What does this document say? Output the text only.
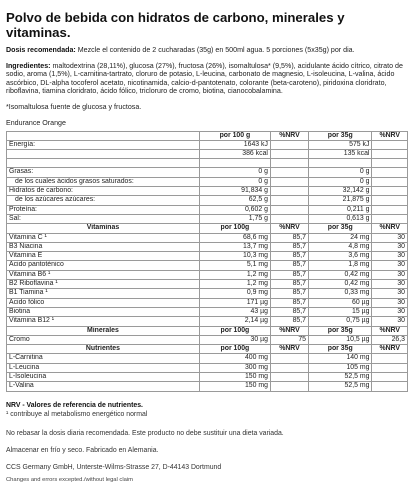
Polvo de bebida con hidratos de carbono, minerales y vitaminas.

Dosis recomendada: Mezcle el contenido de 2 cucharadas (35g) en 500ml agua. 5 porciones (5x35g) por dia.

Ingredientes: maltodextrina (28,11%), glucosa (27%), fructosa (26%), isomaltulosa* (9,5%), acidulante ácido cítrico, citrato de sodio, aroma (1,5%), L-carnitina-tartrato, cloruro de potasio, L-leucina, carbonato de magnesio, L-isoleucina, L-valina, ácido ascórbico, DL-alpha tocoferol acetato, nicotinamida, calcio-d-pantotenato, colorante (beta-caroteno), piridoxina cloridrato, riboflavina, tiamina cloridrato, ácido fólico, tricloruro de cromo, biotina, cianocobalamina.

*Isomaltulosa fuente de glucosa y fructosa.

Endurance Orange
	por 100 g	%NRV	por 35g	%NRV
Energía:	1643 kJ		575 kJ	
	386 kcal		135 kcal	

Grasas:	0 g		0 g	
de los cuales ácidos grasos saturados:	0 g		0 g	
Hidratos de carbono:	91,834 g		32,142 g	
de los azúcares azúcares:	62,5 g		21,875 g	
Proteína:	0,602 g		0,211 g	
Sal:	1,75 g		0,613 g	
Vitaminas	por 100g	%NRV	por 35g	%NRV
Vitamina C ¹	68,6 mg	85,7	24 mg	30
B3 Niacina	13,7 mg	85,7	4,8 mg	30
Vitamina E	10,3 mg	85,7	3,6 mg	30
Ácido pantoténico	5,1 mg	85,7	1,8 mg	30
Vitamina B6 ¹	1,2 mg	85,7	0,42 mg	30
B2 Riboflavina ¹	1,2 mg	85,7	0,42 mg	30
B1 Tiamina ¹	0,9 mg	85,7	0,33 mg	30
Ácido fólico	171 µg	85,7	60 µg	30
Biotina	43 µg	85,7	15 µg	30
Vitamina B12 ¹	2,14 µg	85,7	0,75 µg	30
Minerales	por 100g	%NRV	por 35g	%NRV
Cromo	30 µg	75	10,5 µg	26,3
Nutrientes	por 100g	%NRV	por 35g	%NRV
L-Carnitina	400 mg		140 mg	
L-Leucina	300 mg		105 mg	
L-Isoleucina	150 mg		52,5 mg	
L-Valina	150 mg		52,5 mg	
NRV - Valores de referencia de nutrientes.
¹ contribuye al metabolismo energético normal
No rebasar la dosis diaria recomendada. Este producto no debe sustituir una dieta variada.
Almacenar en frío y seco. Fabricado en Alemania.
CCS Germany GmbH, Unterste-Wilms-Strasse 27, D-44143 Dortmund
Changes and errors excepted./without legal claim
